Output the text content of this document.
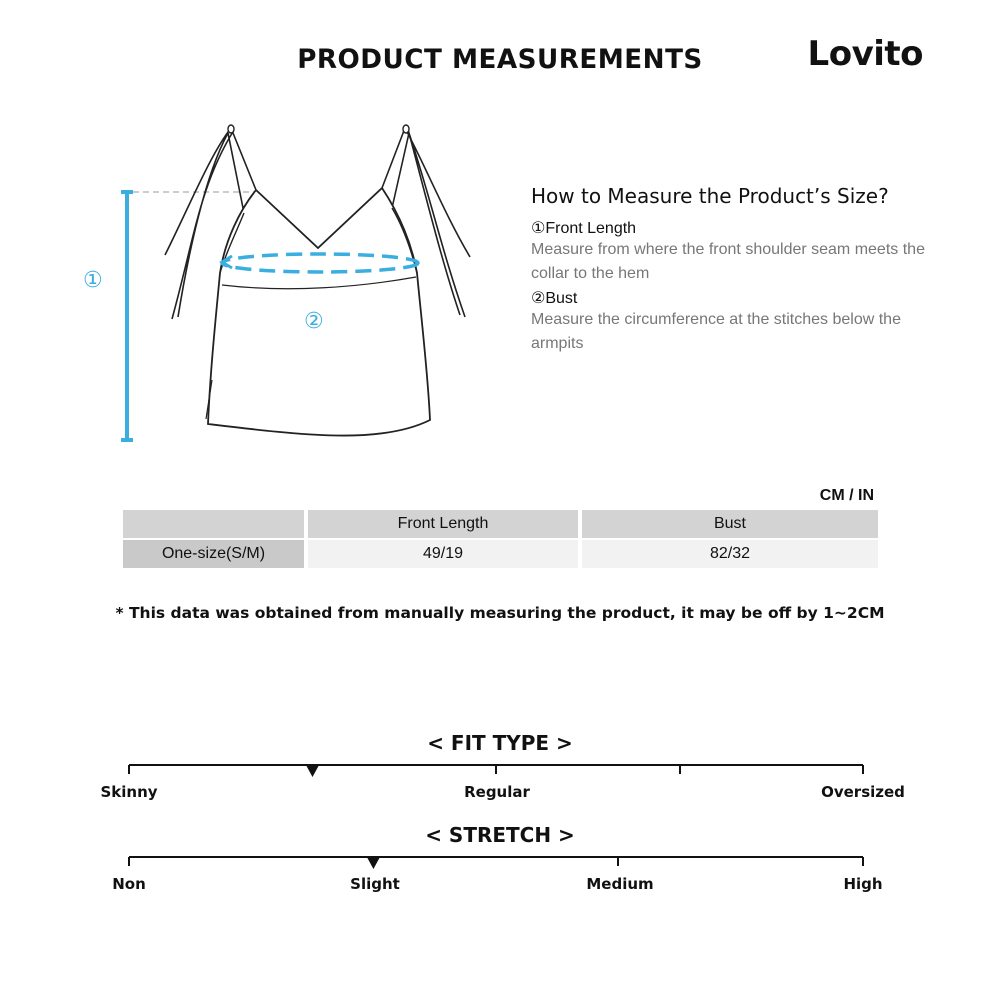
PRODUCT MEASUREMENTS	Lovito
①
②
How to Measure the Product’s Size?
①Front Length
Measure from where the front shoulder seam meets the collar to the hem
②Bust
Measure the circumference at the stitches below the armpits
CM / IN
	Front Length	Bust
One-size(S/M)	49/19	82/32
* This data was obtained from manually measuring the product, it may be off by 1~2CM
< FIT TYPE >
Skinny	Regular	Oversized
< STRETCH >
Non	Slight	Medium	High
